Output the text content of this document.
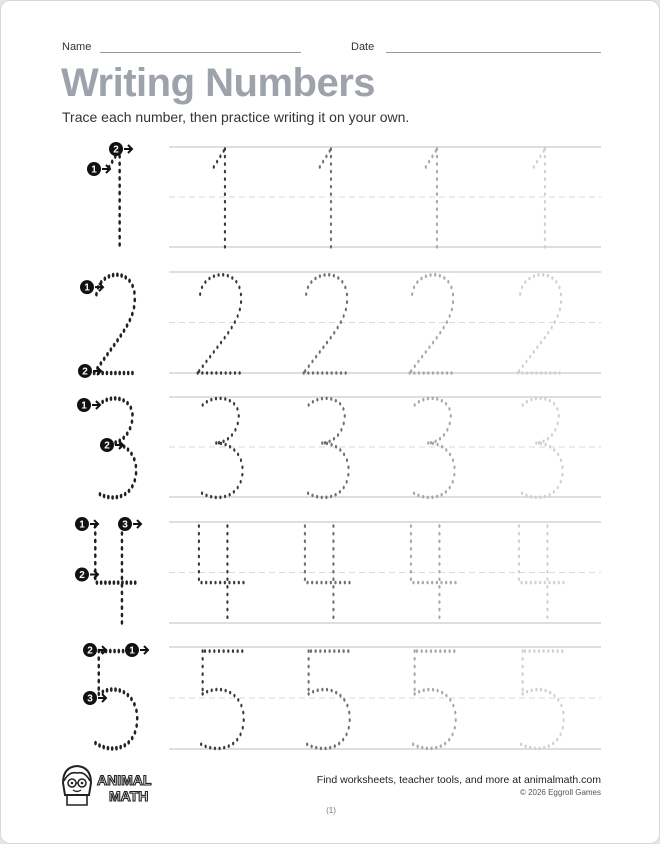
Name	Date
Writing Numbers
Trace each number, then practice writing it on your own.
1
2
1
2
1
2
1
2
3
1
2
3
ANIMAL
MATH
Find worksheets, teacher tools, and more at animalmath.com
© 2026 Eggroll Games
(1)
